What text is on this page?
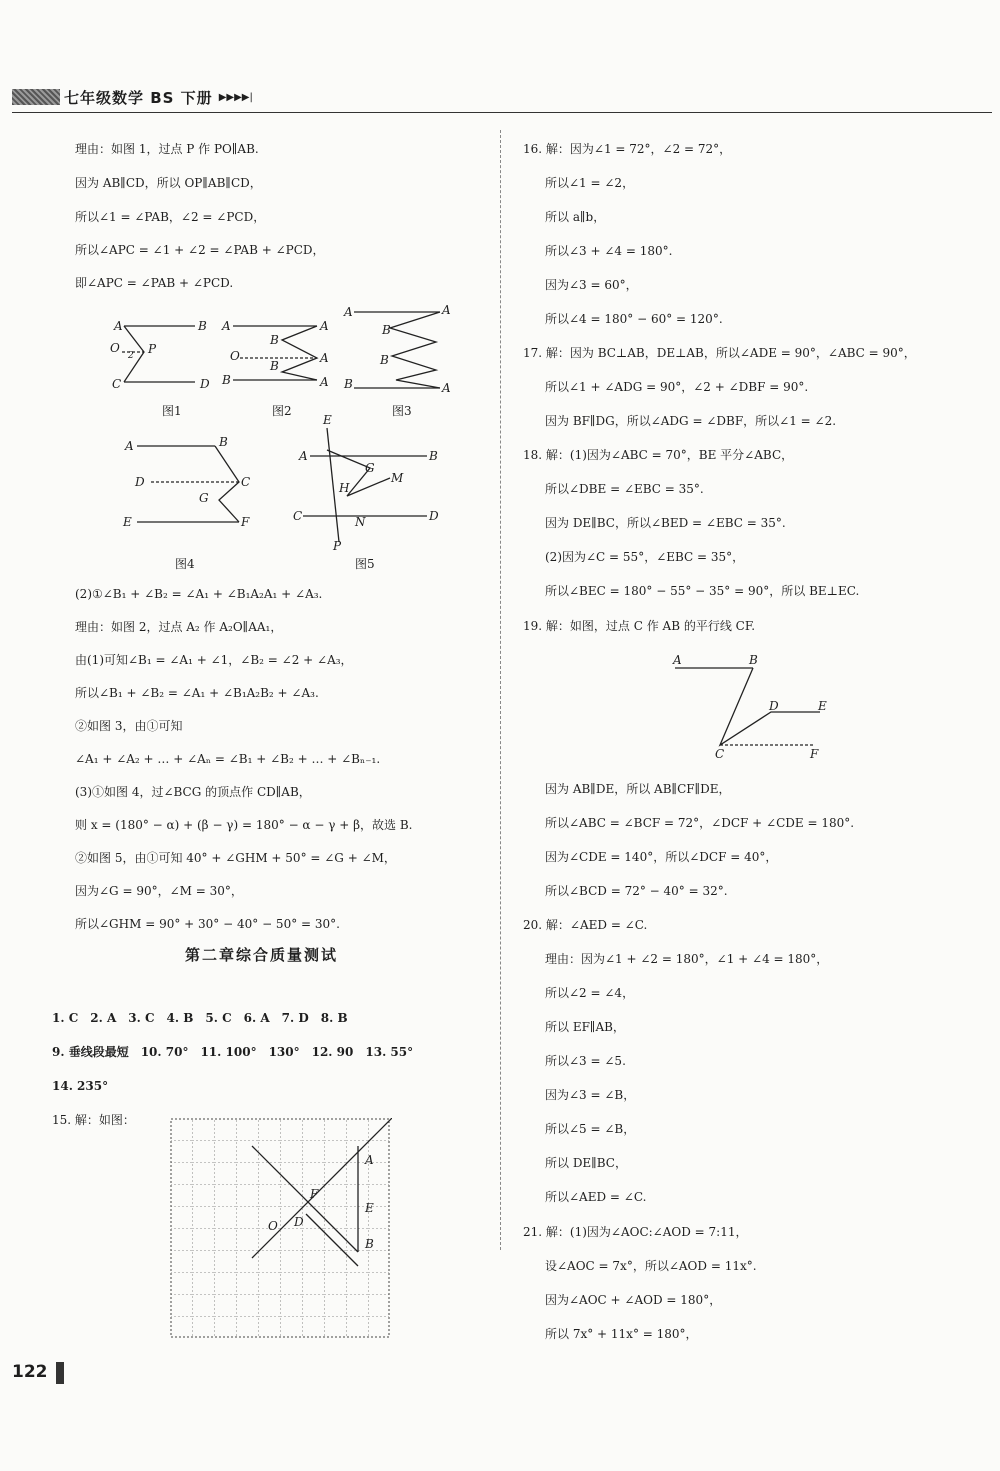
七年级数学 BS 下册 ▶▶▶▶|
理由：如图 1，过点 P 作 PO∥AB.
因为 AB∥CD，所以 OP∥AB∥CD，
所以∠1 = ∠PAB，∠2 = ∠PCD，
所以∠APC = ∠1 + ∠2 = ∠PAB + ∠PCD，
即∠APC = ∠PAB + ∠PCD.
A	B
O P
C	D
2
A	A
O	A
B	A
B
B
A	A
B	A
B
B
图1	图2	图3
A	B
D	C
G
E	F
E
A	B
G
M
H
C	D
N
P
图4	图5
(2)①∠B₁ + ∠B₂ = ∠A₁ + ∠B₁A₂A₁ + ∠A₃.
理由：如图 2，过点 A₂ 作 A₂O∥AA₁，
由(1)可知∠B₁ = ∠A₁ + ∠1，∠B₂ = ∠2 + ∠A₃，
所以∠B₁ + ∠B₂ = ∠A₁ + ∠B₁A₂B₂ + ∠A₃.
②如图 3，由①可知
∠A₁ + ∠A₂ + … + ∠Aₙ = ∠B₁ + ∠B₂ + … + ∠Bₙ₋₁.
(3)①如图 4，过∠BCG 的顶点作 CD∥AB，
则 x = (180° − α) + (β − γ) = 180° − α − γ + β，故选 B.
②如图 5，由①可知 40° + ∠GHM + 50° = ∠G + ∠M，
因为∠G = 90°，∠M = 30°，
所以∠GHM = 90° + 30° − 40° − 50° = 30°.
第二章综合质量测试
1. C　2. A　3. C　4. B　5. C　6. A　7. D　8. B
9. 垂线段最短　10. 70°　11. 100°　130°　12. 90　13. 55°
14. 235°
15. 解：如图：
A
E
B
D
O
F
122
16. 解：因为∠1 = 72°，∠2 = 72°，
所以∠1 = ∠2，
所以 a∥b，
所以∠3 + ∠4 = 180°.
因为∠3 = 60°，
所以∠4 = 180° − 60° = 120°.
17. 解：因为 BC⊥AB，DE⊥AB，所以∠ADE = 90°，∠ABC = 90°，
所以∠1 + ∠ADG = 90°，∠2 + ∠DBF = 90°.
因为 BF∥DG，所以∠ADG = ∠DBF，所以∠1 = ∠2.
18. 解：(1)因为∠ABC = 70°，BE 平分∠ABC，
所以∠DBE = ∠EBC = 35°.
因为 DE∥BC，所以∠BED = ∠EBC = 35°.
(2)因为∠C = 55°，∠EBC = 35°，
所以∠BEC = 180° − 55° − 35° = 90°，所以 BE⊥EC.
19. 解：如图，过点 C 作 AB 的平行线 CF.
A	B
D	E
C	F
因为 AB∥DE，所以 AB∥CF∥DE，
所以∠ABC = ∠BCF = 72°，∠DCF + ∠CDE = 180°.
因为∠CDE = 140°，所以∠DCF = 40°，
所以∠BCD = 72° − 40° = 32°.
20. 解：∠AED = ∠C.
理由：因为∠1 + ∠2 = 180°，∠1 + ∠4 = 180°，
所以∠2 = ∠4，
所以 EF∥AB，
所以∠3 = ∠5.
因为∠3 = ∠B，
所以∠5 = ∠B，
所以 DE∥BC，
所以∠AED = ∠C.
21. 解：(1)因为∠AOC:∠AOD = 7:11，
设∠AOC = 7x°，所以∠AOD = 11x°.
因为∠AOC + ∠AOD = 180°，
所以 7x° + 11x° = 180°，
